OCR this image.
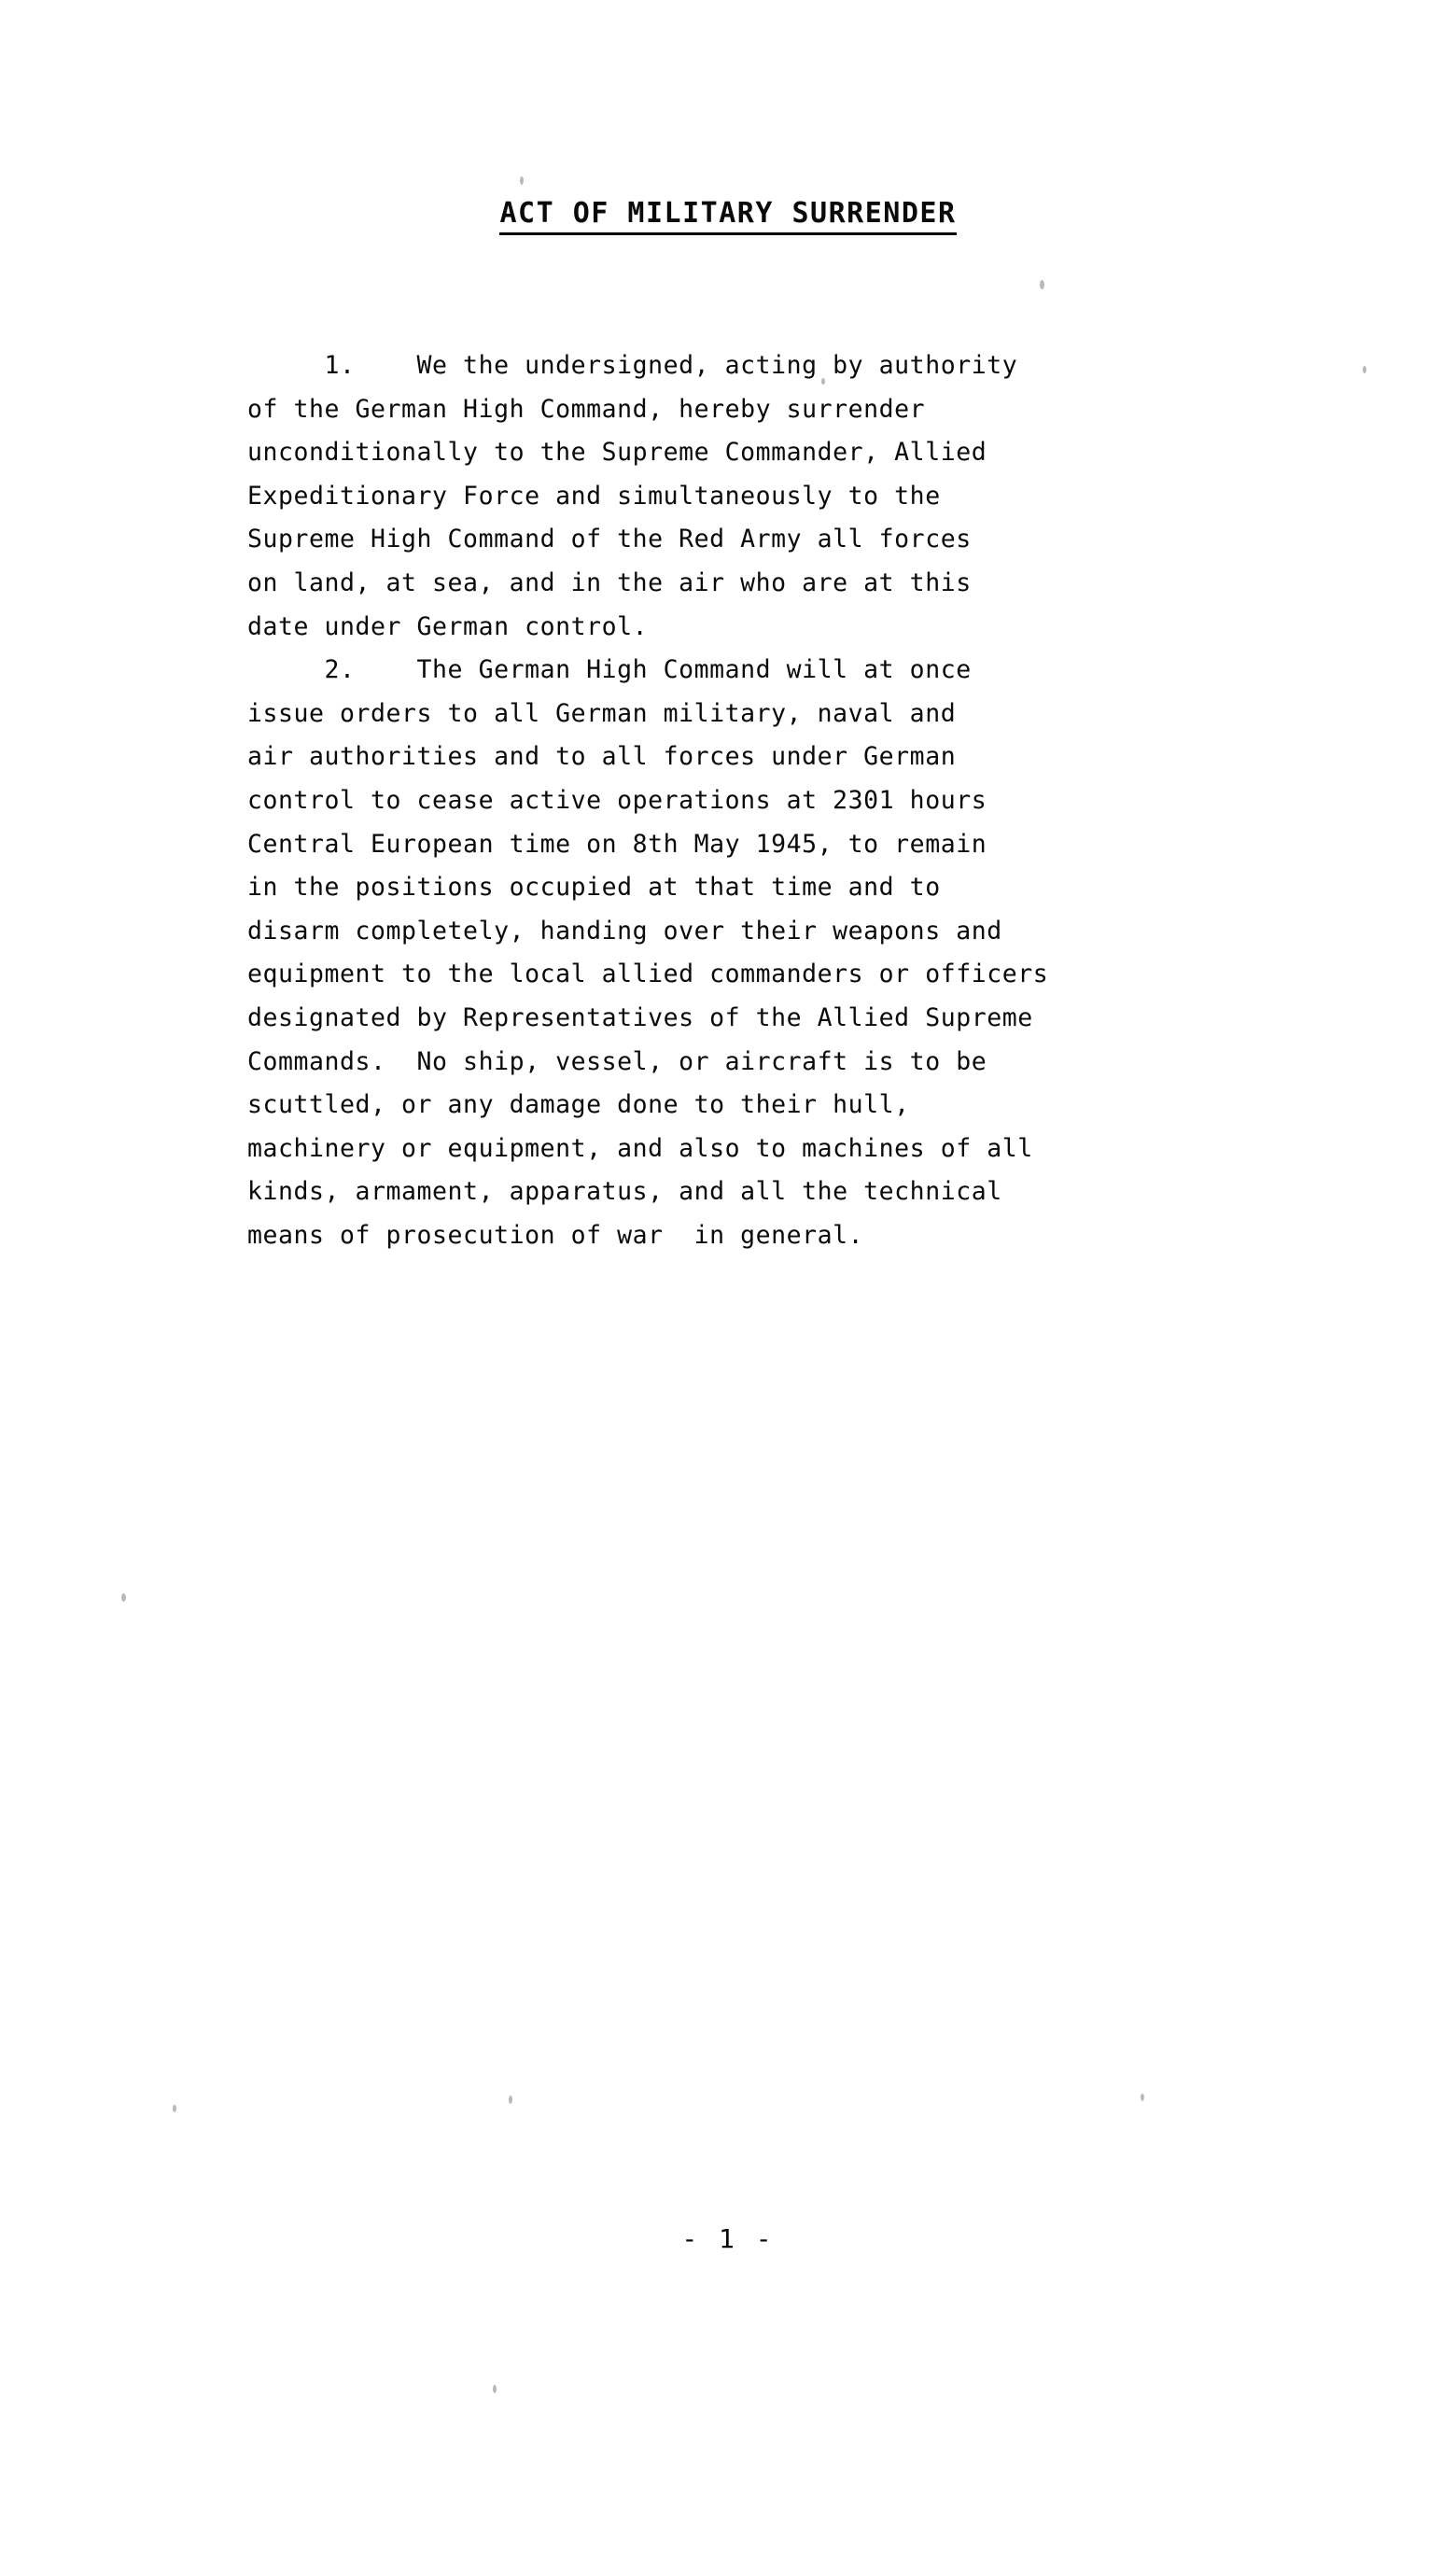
ACT OF MILITARY SURRENDER
1.    We the undersigned, acting by authority
of the German High Command, hereby surrender
unconditionally to the Supreme Commander, Allied
Expeditionary Force and simultaneously to the
Supreme High Command of the Red Army all forces
on land, at sea, and in the air who are at this
date under German control.
2.    The German High Command will at once
issue orders to all German military, naval and
air authorities and to all forces under German
control to cease active operations at 2301 hours
Central European time on 8th May 1945, to remain
in the positions occupied at that time and to
disarm completely, handing over their weapons and
equipment to the local allied commanders or officers
designated by Representatives of the Allied Supreme
Commands.  No ship, vessel, or aircraft is to be
scuttled, or any damage done to their hull,
machinery or equipment, and also to machines of all
kinds, armament, apparatus, and all the technical
means of prosecution of war  in general.
- 1 -
